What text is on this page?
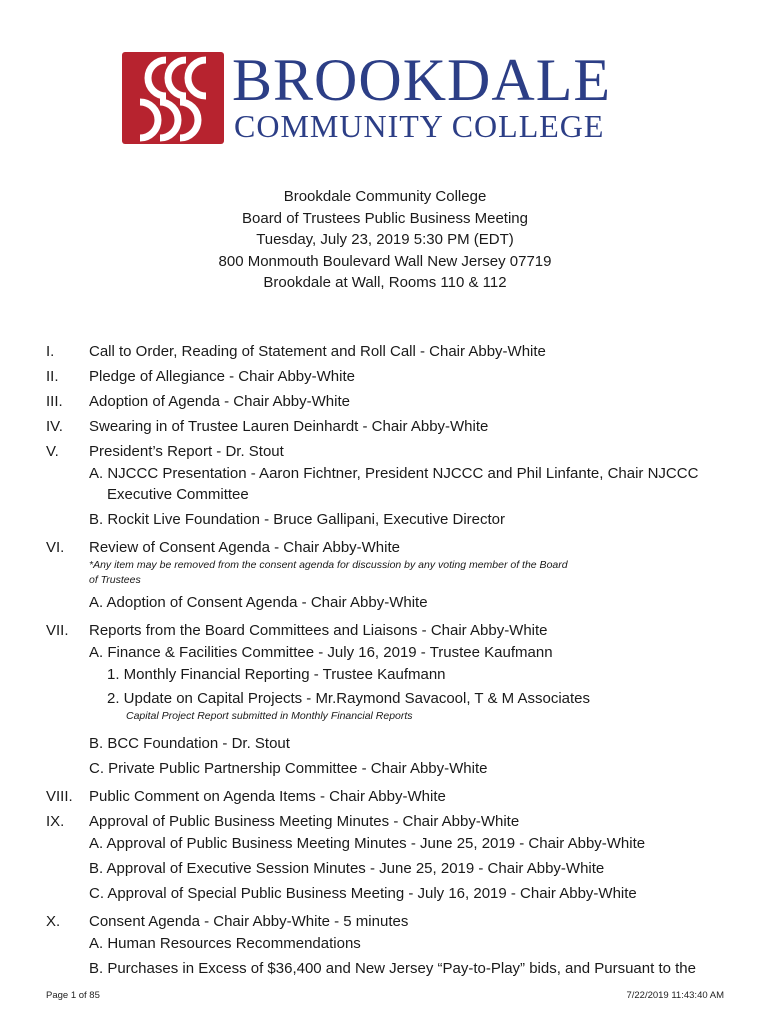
BROOKDALE
COMMUNITY COLLEGE
Brookdale Community College
Board of Trustees Public Business Meeting
Tuesday, July 23, 2019 5:30 PM (EDT)
800 Monmouth Boulevard Wall New Jersey 07719
Brookdale at Wall, Rooms 110 & 112
I. Call to Order, Reading of Statement and Roll Call - Chair Abby-White
II. Pledge of Allegiance - Chair Abby-White
III. Adoption of Agenda - Chair Abby-White
IV. Swearing in of Trustee Lauren Deinhardt - Chair Abby-White
V. President’s Report - Dr. Stout
A. NJCCC Presentation - Aaron Fichtner, President NJCCC and Phil Linfante, Chair NJCCC
Executive Committee
B. Rockit Live Foundation - Bruce Gallipani, Executive Director
VI. Review of Consent Agenda - Chair Abby-White
*Any item may be removed from the consent agenda for discussion by any voting member of the Board
of Trustees
A. Adoption of Consent Agenda - Chair Abby-White
VII. Reports from the Board Committees and Liaisons - Chair Abby-White
A. Finance & Facilities Committee - July 16, 2019 - Trustee Kaufmann
1. Monthly Financial Reporting - Trustee Kaufmann
2. Update on Capital Projects - Mr.Raymond Savacool, T & M Associates
Capital Project Report submitted in Monthly Financial Reports
B. BCC Foundation - Dr. Stout
C. Private Public Partnership Committee - Chair Abby-White
VIII. Public Comment on Agenda Items - Chair Abby-White
IX. Approval of Public Business Meeting Minutes - Chair Abby-White
A. Approval of Public Business Meeting Minutes - June 25, 2019 - Chair Abby-White
B. Approval of Executive Session Minutes - June 25, 2019 - Chair Abby-White
C. Approval of Special Public Business Meeting - July 16, 2019 - Chair Abby-White
X. Consent Agenda - Chair Abby-White - 5 minutes
A. Human Resources Recommendations
B. Purchases in Excess of $36,400 and New Jersey “Pay-to-Play” bids, and Pursuant to the
Page 1 of 85	7/22/2019 11:43:40 AM
